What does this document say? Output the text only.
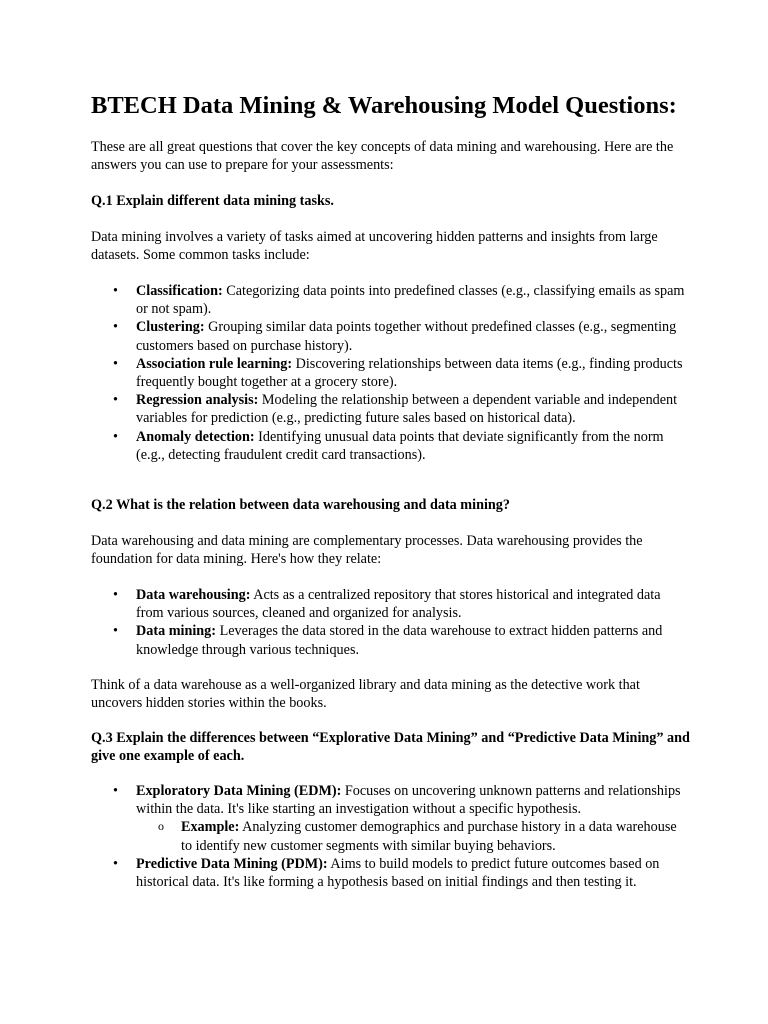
BTECH Data Mining & Warehousing Model Questions:

These are all great questions that cover the key concepts of data mining and warehousing. Here are the answers you can use to prepare for your assessments:

Q.1 Explain different data mining tasks.

Data mining involves a variety of tasks aimed at uncovering hidden patterns and insights from large datasets. Some common tasks include:

• Classification: Categorizing data points into predefined classes (e.g., classifying emails as spam or not spam).
• Clustering: Grouping similar data points together without predefined classes (e.g., segmenting customers based on purchase history).
• Association rule learning: Discovering relationships between data items (e.g., finding products frequently bought together at a grocery store).
• Regression analysis: Modeling the relationship between a dependent variable and independent variables for prediction (e.g., predicting future sales based on historical data).
• Anomaly detection: Identifying unusual data points that deviate significantly from the norm (e.g., detecting fraudulent credit card transactions).

Q.2 What is the relation between data warehousing and data mining?

Data warehousing and data mining are complementary processes. Data warehousing provides the foundation for data mining. Here's how they relate:

• Data warehousing: Acts as a centralized repository that stores historical and integrated data from various sources, cleaned and organized for analysis.
• Data mining: Leverages the data stored in the data warehouse to extract hidden patterns and knowledge through various techniques.

Think of a data warehouse as a well-organized library and data mining as the detective work that uncovers hidden stories within the books.

Q.3 Explain the differences between “Explorative Data Mining” and “Predictive Data Mining” and give one example of each.

• Exploratory Data Mining (EDM): Focuses on uncovering unknown patterns and relationships within the data. It's like starting an investigation without a specific hypothesis.
o Example: Analyzing customer demographics and purchase history in a data warehouse to identify new customer segments with similar buying behaviors.
• Predictive Data Mining (PDM): Aims to build models to predict future outcomes based on historical data. It's like forming a hypothesis based on initial findings and then testing it.
